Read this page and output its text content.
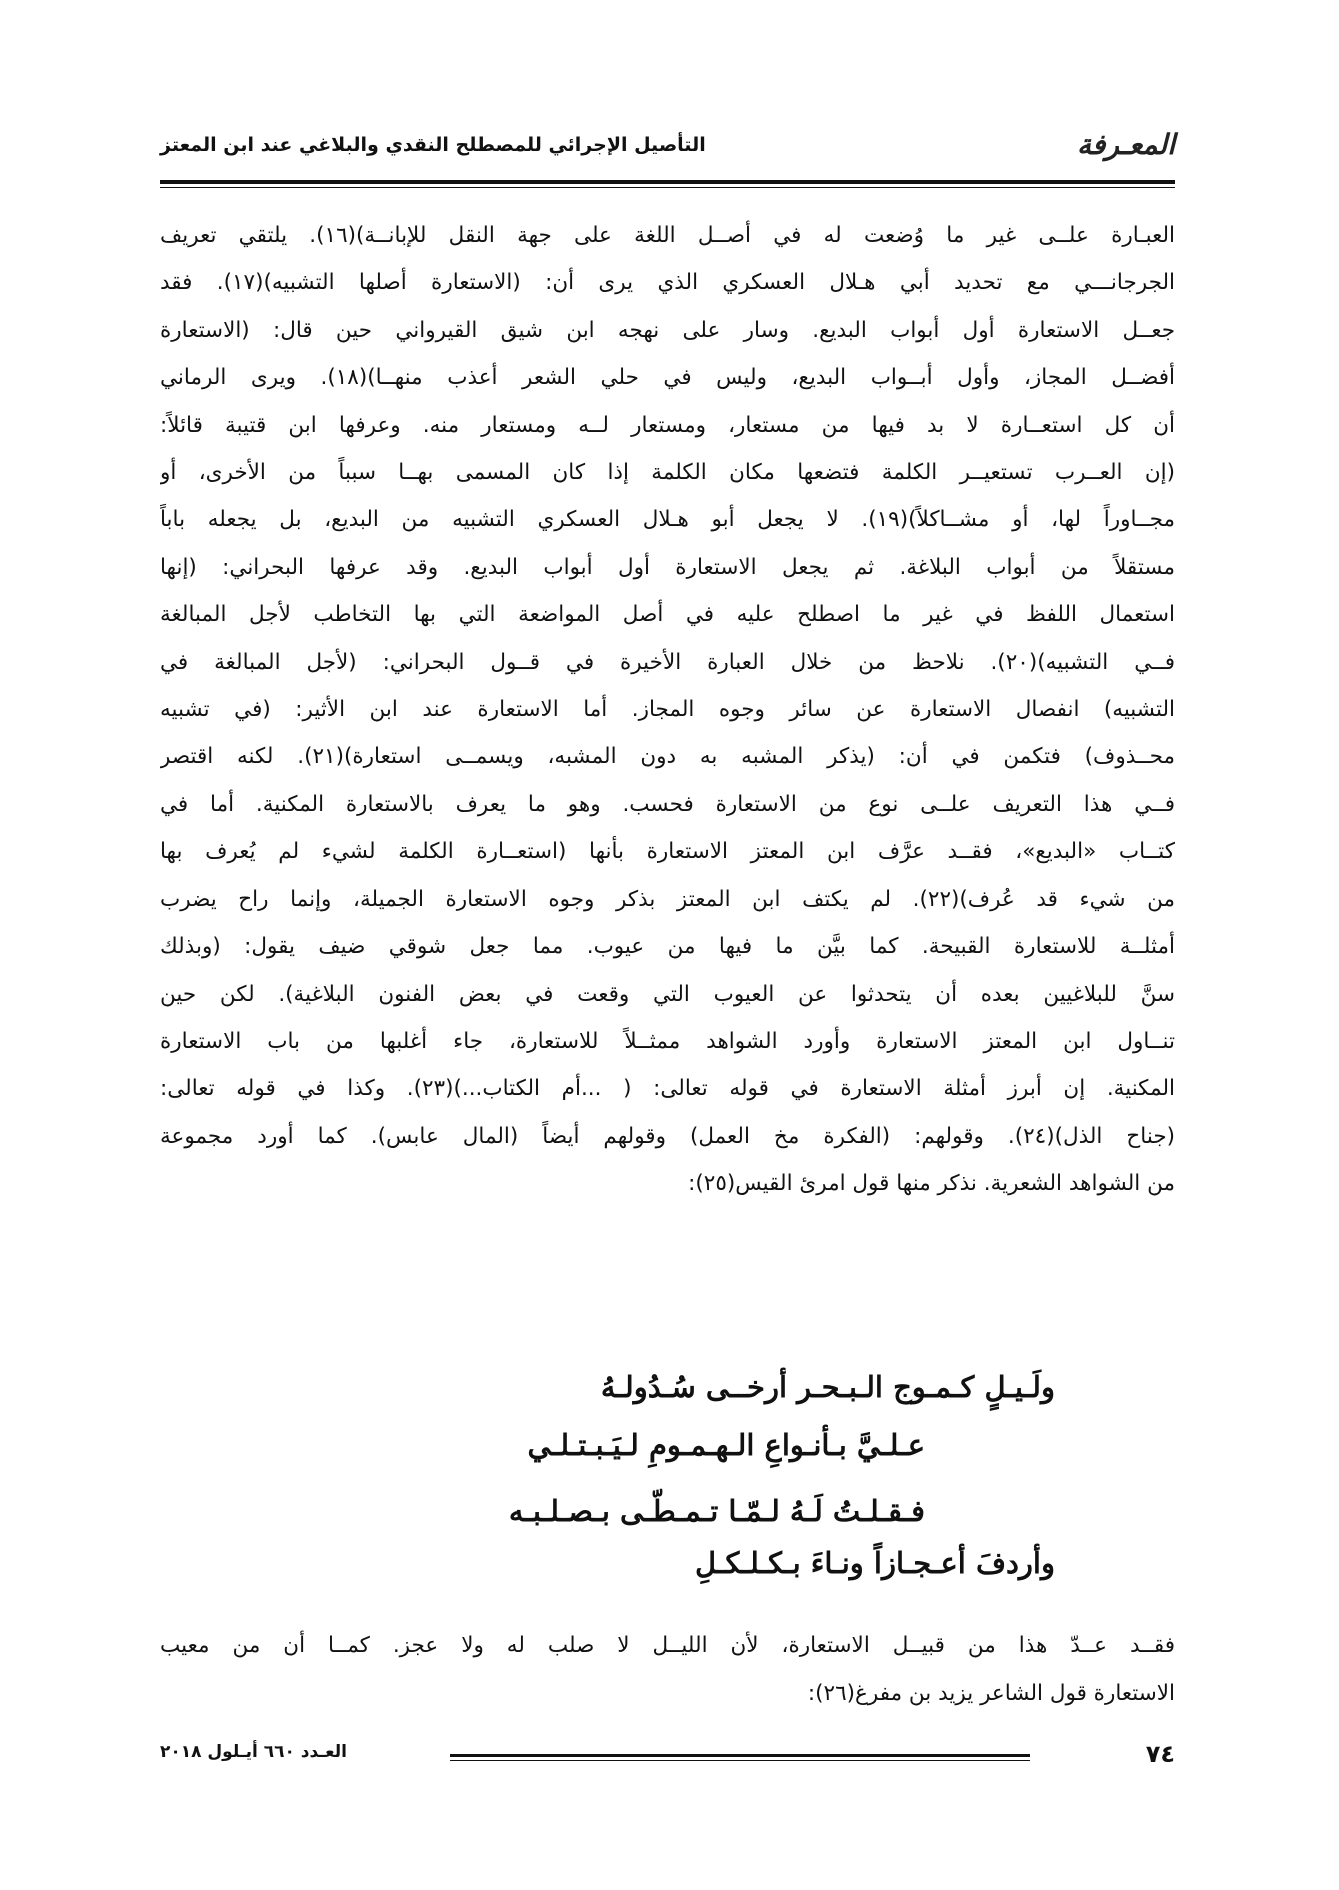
المعـرفة
التأصيل الإجرائي للمصطلح النقدي والبلاغي عند ابن المعتز
العبـارة علــى غير ما وُضعت له في أصــل اللغة على جهة النقل للإبانــة)(١٦). يلتقي تعريف
الجرجانـــي مع تحديد أبي هـلال العسكري الذي يرى أن: (الاستعارة أصلها التشبيه)(١٧). فقد
جعــل الاستعارة أول أبواب البديع. وسار على نهجه ابن شيق القيرواني حين قال: (الاستعارة
أفضــل المجاز، وأول أبــواب البديع، وليس في حلي الشعر أعذب منهــا)(١٨). ويرى الرماني
أن كل استعــارة لا بد فيها من مستعار، ومستعار لــه ومستعار منه. وعرفها ابن قتيبة قائلاً:
(إن العــرب تستعيــر الكلمة فتضعها مكان الكلمة إذا كان المسمى بهــا سبباً من الأخرى، أو
مجــاوراً لها، أو مشــاكلاً)(١٩). لا يجعل أبو هـلال العسكري التشبيه من البديع، بل يجعله باباً
مستقلاً من أبواب البلاغة. ثم يجعل الاستعارة أول أبواب البديع. وقد عرفها البحراني: (إنها
استعمال اللفظ في غير ما اصطلح عليه في أصل المواضعة التي بها التخاطب لأجل المبالغة
فــي التشبيه)(٢٠). نلاحظ من خلال العبارة الأخيرة في قــول البحراني: (لأجل المبالغة في
التشبيه) انفصال الاستعارة عن سائر وجوه المجاز. أما الاستعارة عند ابن الأثير: (في تشبيه
محــذوف) فتكمن في أن: (يذكر المشبه به دون المشبه، ويسمــى استعارة)(٢١). لكنه اقتصر
فــي هذا التعريف علــى نوع من الاستعارة فحسب. وهو ما يعرف بالاستعارة المكنية. أما في
كتــاب «البديع»، فقــد عرَّف ابن المعتز الاستعارة بأنها (استعــارة الكلمة لشيء لم يُعرف بها
من شيء قد عُرف)(٢٢). لم يكتف ابن المعتز بذكر وجوه الاستعارة الجميلة، وإنما راح يضرب
أمثلــة للاستعارة القبيحة. كما بيَّن ما فيها من عيوب. مما جعل شوقي ضيف يقول: (وبذلك
سنَّ للبلاغيين بعده أن يتحدثوا عن العيوب التي وقعت في بعض الفنون البلاغية). لكن حين
تنــاول ابن المعتز الاستعارة وأورد الشواهد ممثــلاً للاستعارة، جاء أغلبها من باب الاستعارة
المكنية. إن أبرز أمثلة الاستعارة في قوله تعالى: ( ...أم الكتاب...)(٢٣). وكذا في قوله تعالى:
(جناح الذل)(٢٤). وقولهم: (الفكرة مخ العمل) وقولهم أيضاً (المال عابس). كما أورد مجموعة
من الشواهد الشعرية. نذكر منها قول امرئ القيس(٢٥):
ولَـيـلٍ كـمـوج الـبـحـر أرخــى سُـدُولـهُ
عـلـيَّ بـأنـواعِ الـهـمـومِ لـيَـبـتـلـي
فـقـلـتُ لَـهُ لـمّـا تـمـطّـى بـصـلـبـه
وأردفَ أعـجـازاً ونـاءَ بـكـلـكـلِ
فقــد عــدّ هذا من قبيــل الاستعارة، لأن الليــل لا صلب له ولا عجز. كمــا أن من معيب
الاستعارة قول الشاعر يزيد بن مفرغ(٢٦):
٧٤
العـدد ٦٦٠ أيـلول ٢٠١٨
